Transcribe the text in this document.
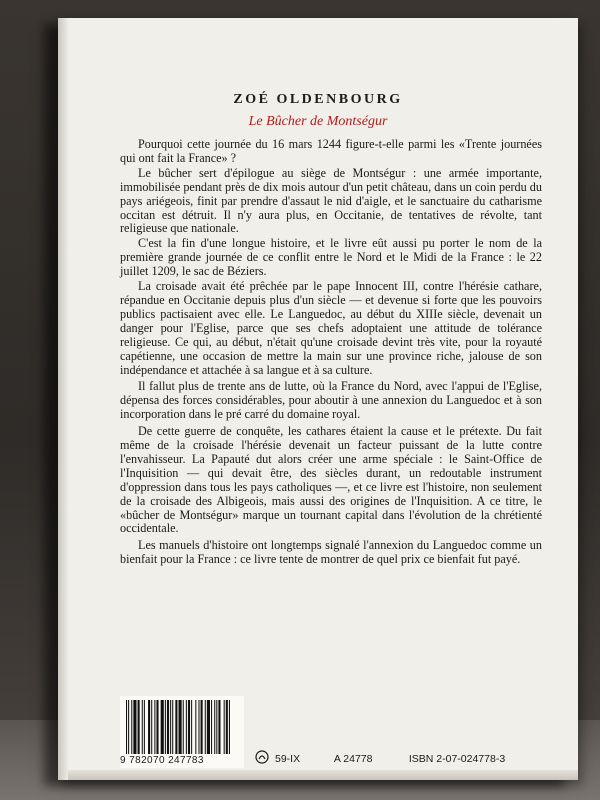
ZOÉ OLDENBOURG
Le Bûcher de Montségur

Pourquoi cette journée du 16 mars 1244 figure-t-elle parmi les «Trente journées qui ont fait la France» ?

Le bûcher sert d'épilogue au siège de Montségur : une armée importante, immobilisée pendant près de dix mois autour d'un petit château, dans un coin perdu du pays ariégeois, finit par prendre d'assaut le nid d'aigle, et le sanctuaire du catharisme occitan est détruit. Il n'y aura plus, en Occitanie, de tentatives de révolte, tant religieuse que nationale.

C'est la fin d'une longue histoire, et le livre eût aussi pu porter le nom de la première grande journée de ce conflit entre le Nord et le Midi de la France : le 22 juillet 1209, le sac de Béziers.

La croisade avait été prêchée par le pape Innocent III, contre l'hérésie cathare, répandue en Occitanie depuis plus d'un siècle — et devenue si forte que les pouvoirs publics pactisaient avec elle. Le Languedoc, au début du XIIIe siècle, devenait un danger pour l'Eglise, parce que ses chefs adoptaient une attitude de tolérance religieuse. Ce qui, au début, n'était qu'une croisade devint très vite, pour la royauté capétienne, une occasion de mettre la main sur une province riche, jalouse de son indépendance et attachée à sa langue et à sa culture.

Il fallut plus de trente ans de lutte, où la France du Nord, avec l'appui de l'Eglise, dépensa des forces considérables, pour aboutir à une annexion du Languedoc et à son incorporation dans le pré carré du domaine royal.

De cette guerre de conquête, les cathares étaient la cause et le prétexte. Du fait même de la croisade l'hérésie devenait un facteur puissant de la lutte contre l'envahisseur. La Papauté dut alors créer une arme spéciale : le Saint-Office de l'Inquisition — qui devait être, des siècles durant, un redoutable instrument d'oppression dans tous les pays catholiques —, et ce livre est l'histoire, non seulement de la croisade des Albigeois, mais aussi des origines de l'Inquisition. A ce titre, le «bûcher de Montségur» marque un tournant capital dans l'évolution de la chrétienté occidentale.

Les manuels d'histoire ont longtemps signalé l'annexion du Languedoc comme un bienfait pour la France : ce livre tente de montrer de quel prix ce bienfait fut payé.

9 782070 247783	59-IX	A 24778	ISBN 2-07-024778-3
